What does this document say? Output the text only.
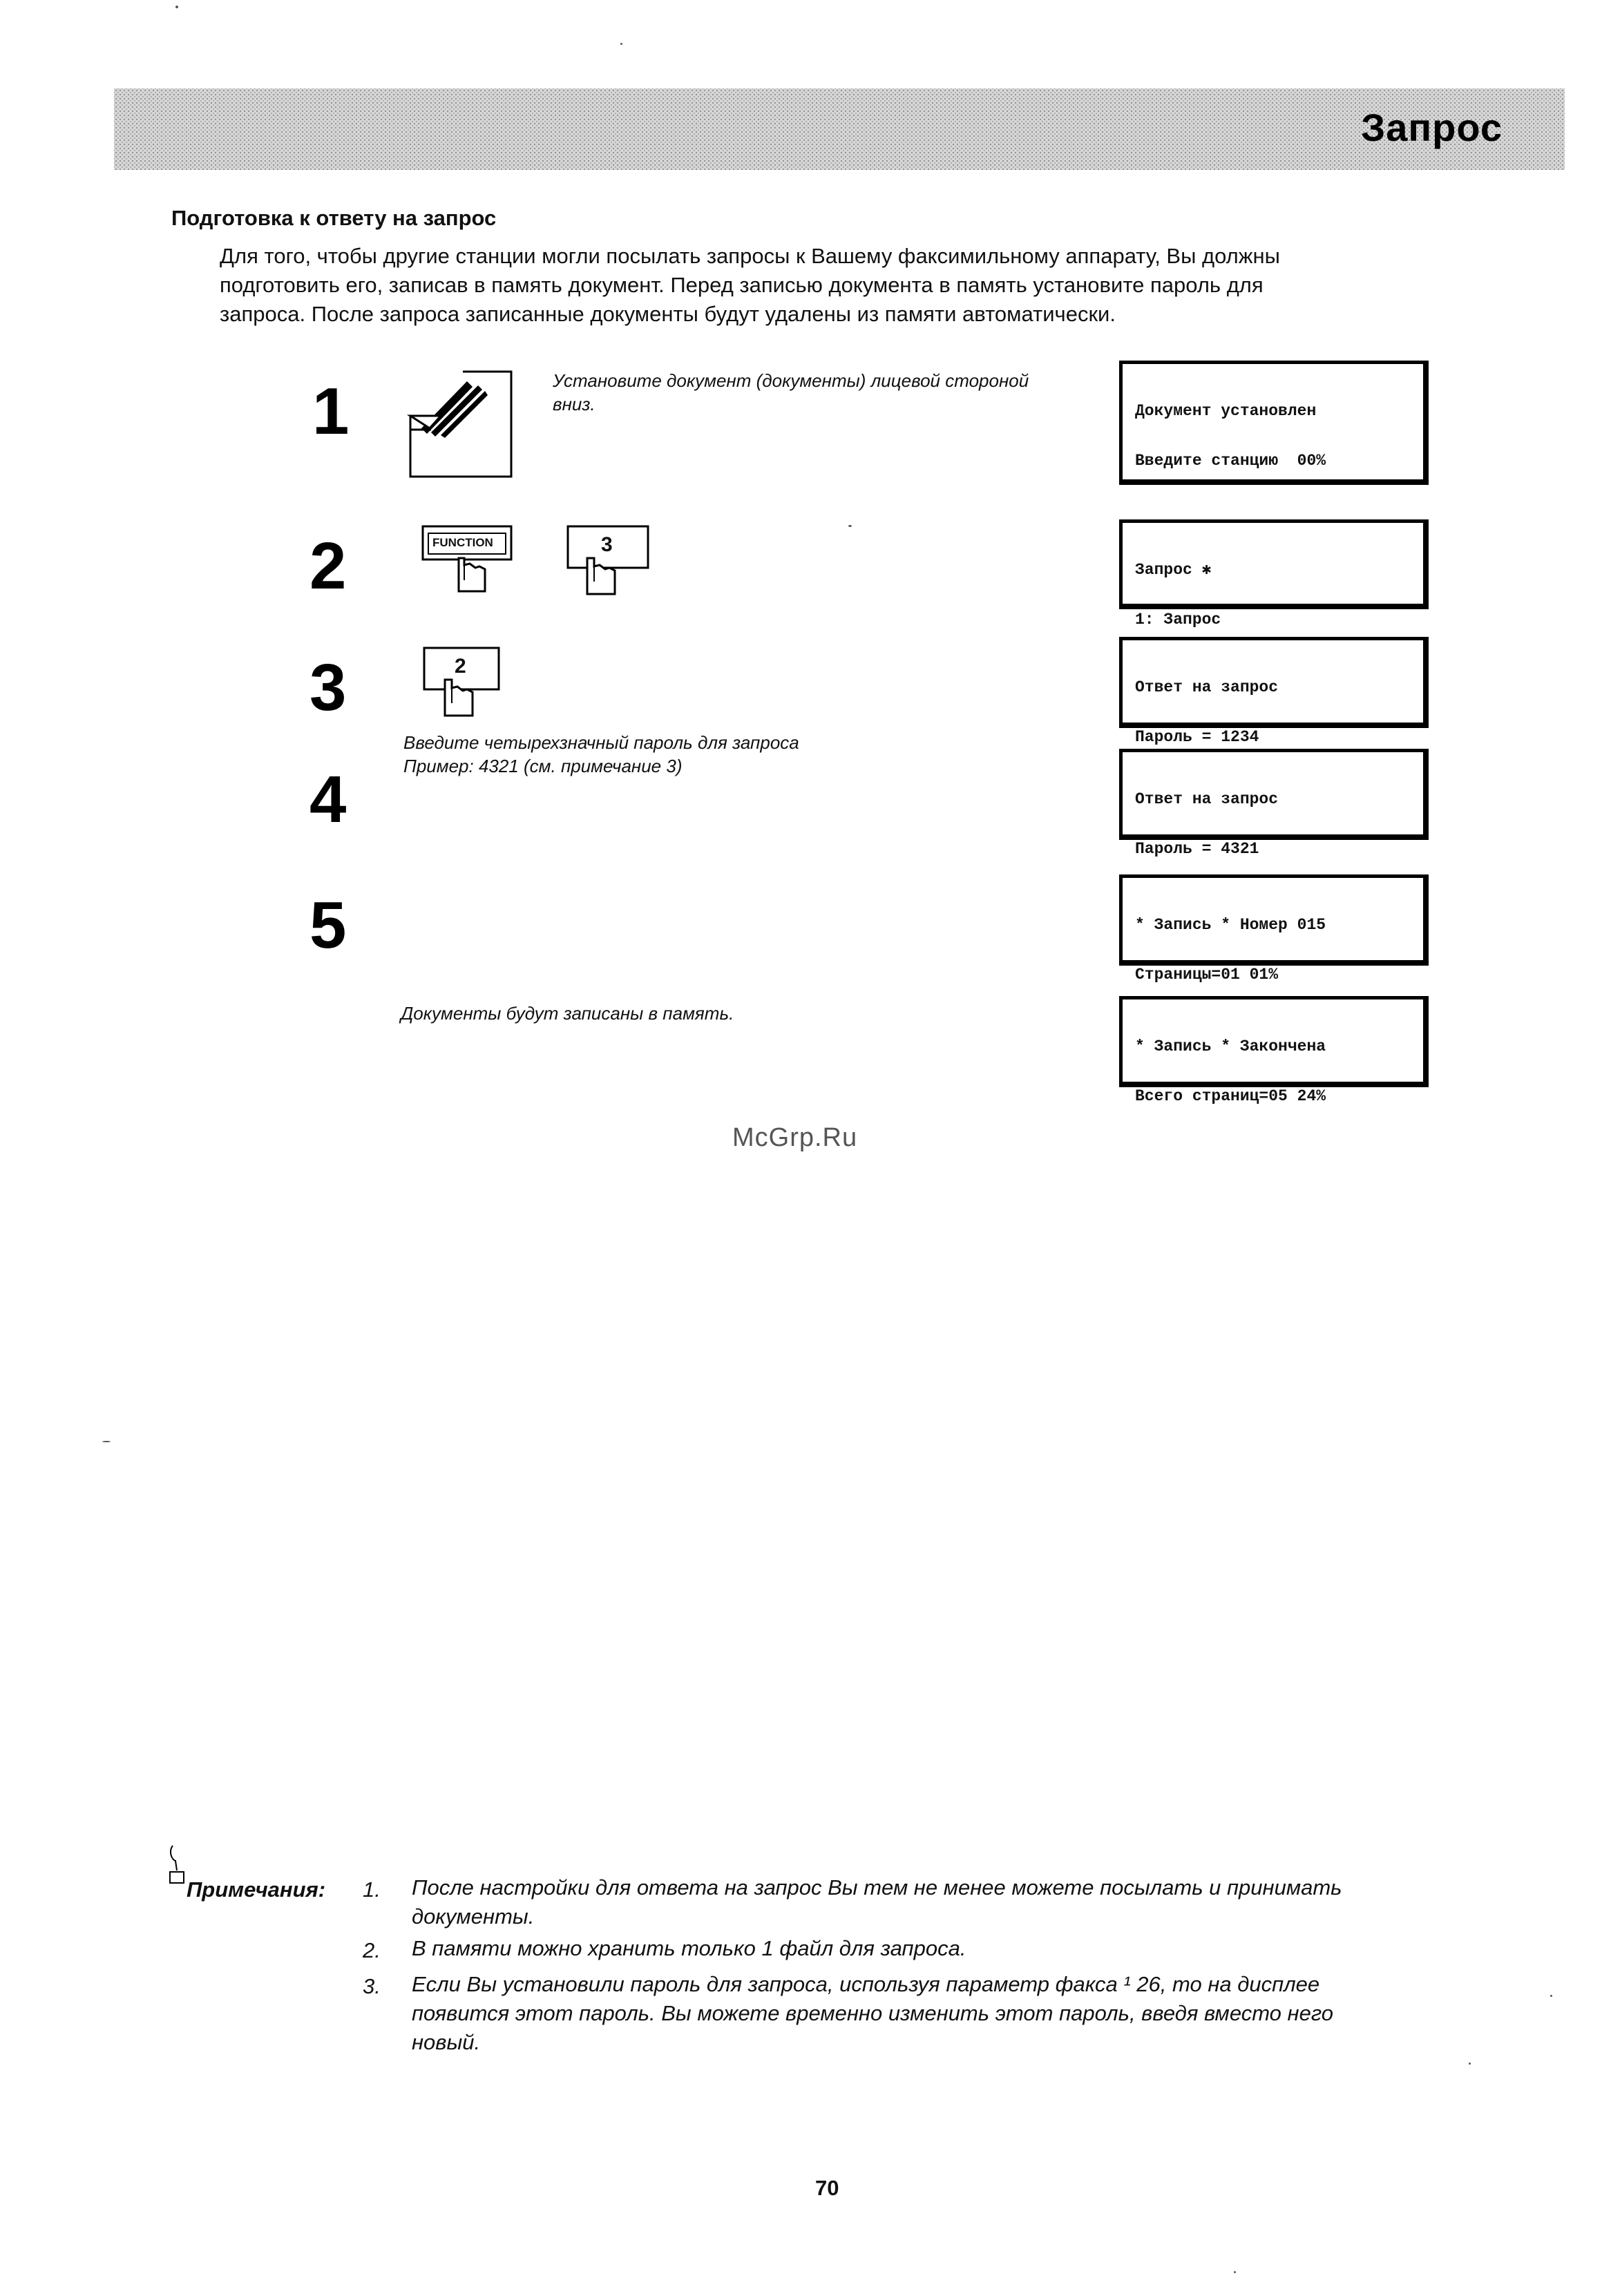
Запрос
Подготовка к ответу на запрос

Для того, чтобы другие станции могли посылать запросы к Вашему факсимильному аппарату, Вы должны

подготовить его, записав в память документ. Перед записью документа в память установите пароль для

запроса. После запроса записанные документы будут удалены из памяти автоматически.

1	Установите документ (документы) лицевой стороной
вниз.

	Документ установлен

Введите станцию  00%

2	FUNCTION	3

Запрос ✱

1: Запрос

3	2

Ответ на запрос

Пароль = 1234

Введите четырехзначный пароль для запроса
Пример: 4321 (см. примечание 3)
4

	Ответ на запрос

Пароль = 4321

5

	* Запись * Номер 015

Страницы=01 01%

Документы будут записаны в память.

* Запись * Закончена

Всего страниц=05 24%

McGrp.Ru
Примечания: 1. После настройки для ответа на запрос Вы тем не менее можете посылать и принимать
документы.
2. В памяти можно хранить только 1 файл для запроса.
3. Если Вы установили пароль для запроса, используя параметр факса ¹ 26, то на дисплее
появится этот пароль. Вы можете временно изменить этот пароль, введя вместо него
новый.
70
